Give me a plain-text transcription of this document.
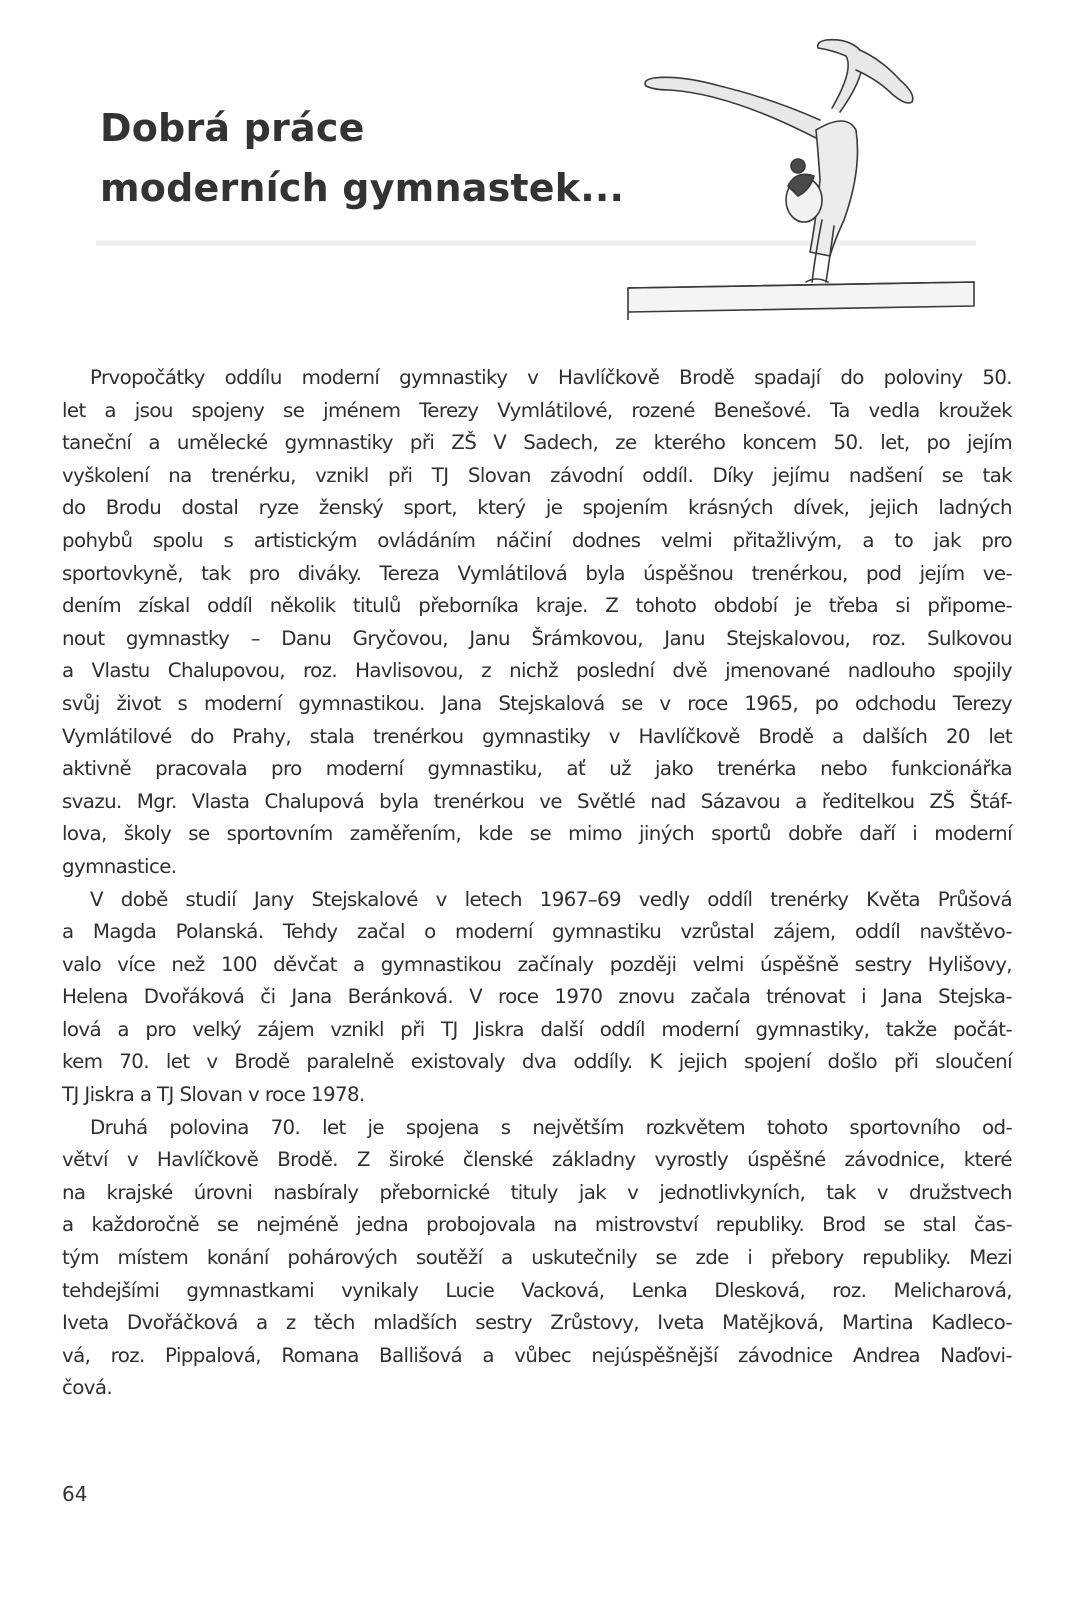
Dobrá práce
moderních gymnastek...

Prvopočátky oddílu moderní gymnastiky v Havlíčkově Brodě spadají do poloviny 50.
let a jsou spojeny se jménem Terezy Vymlátilové, rozené Benešové. Ta vedla kroužek
taneční a umělecké gymnastiky při ZŠ V Sadech, ze kterého koncem 50. let, po jejím
vyškolení na trenérku, vznikl při TJ Slovan závodní oddíl. Díky jejímu nadšení se tak
do Brodu dostal ryze ženský sport, který je spojením krásných dívek, jejich ladných
pohybů spolu s artistickým ovládáním náčiní dodnes velmi přitažlivým, a to jak pro
sportovkyně, tak pro diváky. Tereza Vymlátilová byla úspěšnou trenérkou, pod jejím ve-
dením získal oddíl několik titulů přeborníka kraje. Z tohoto období je třeba si připome-
nout gymnastky – Danu Gryčovou, Janu Šrámkovou, Janu Stejskalovou, roz. Sulkovou
a Vlastu Chalupovou, roz. Havlisovou, z nichž poslední dvě jmenované nadlouho spojily
svůj život s moderní gymnastikou. Jana Stejskalová se v roce 1965, po odchodu Terezy
Vymlátilové do Prahy, stala trenérkou gymnastiky v Havlíčkově Brodě a dalších 20 let
aktivně pracovala pro moderní gymnastiku, ať už jako trenérka nebo funkcionářka
svazu. Mgr. Vlasta Chalupová byla trenérkou ve Světlé nad Sázavou a ředitelkou ZŠ Štáf-
lova, školy se sportovním zaměřením, kde se mimo jiných sportů dobře daří i moderní
gymnastice.

V době studií Jany Stejskalové v letech 1967–69 vedly oddíl trenérky Květa Průšová
a Magda Polanská. Tehdy začal o moderní gymnastiku vzrůstal zájem, oddíl navštěvo-
valo více než 100 děvčat a gymnastikou začínaly později velmi úspěšně sestry Hylišovy,
Helena Dvořáková či Jana Beránková. V roce 1970 znovu začala trénovat i Jana Stejska-
lová a pro velký zájem vznikl při TJ Jiskra další oddíl moderní gymnastiky, takže počát-
kem 70. let v Brodě paralelně existovaly dva oddíly. K jejich spojení došlo při sloučení
TJ Jiskra a TJ Slovan v roce 1978.

Druhá polovina 70. let je spojena s největším rozkvětem tohoto sportovního od-
větví v Havlíčkově Brodě. Z široké členské základny vyrostly úspěšné závodnice, které
na krajské úrovni nasbíraly přebornické tituly jak v jednotlivkyních, tak v družstvech
a každoročně se nejméně jedna probojovala na mistrovství republiky. Brod se stal čas-
tým místem konání pohárových soutěží a uskutečnily se zde i přebory republiky. Mezi
tehdejšími gymnastkami vynikaly Lucie Vacková, Lenka Dlesková, roz. Melicharová,
Iveta Dvořáčková a z těch mladších sestry Zrůstovy, Iveta Matějková, Martina Kadleco-
vá, roz. Pippalová, Romana Ballišová a vůbec nejúspěšnější závodnice Andrea Naďovi-
čová.

64
